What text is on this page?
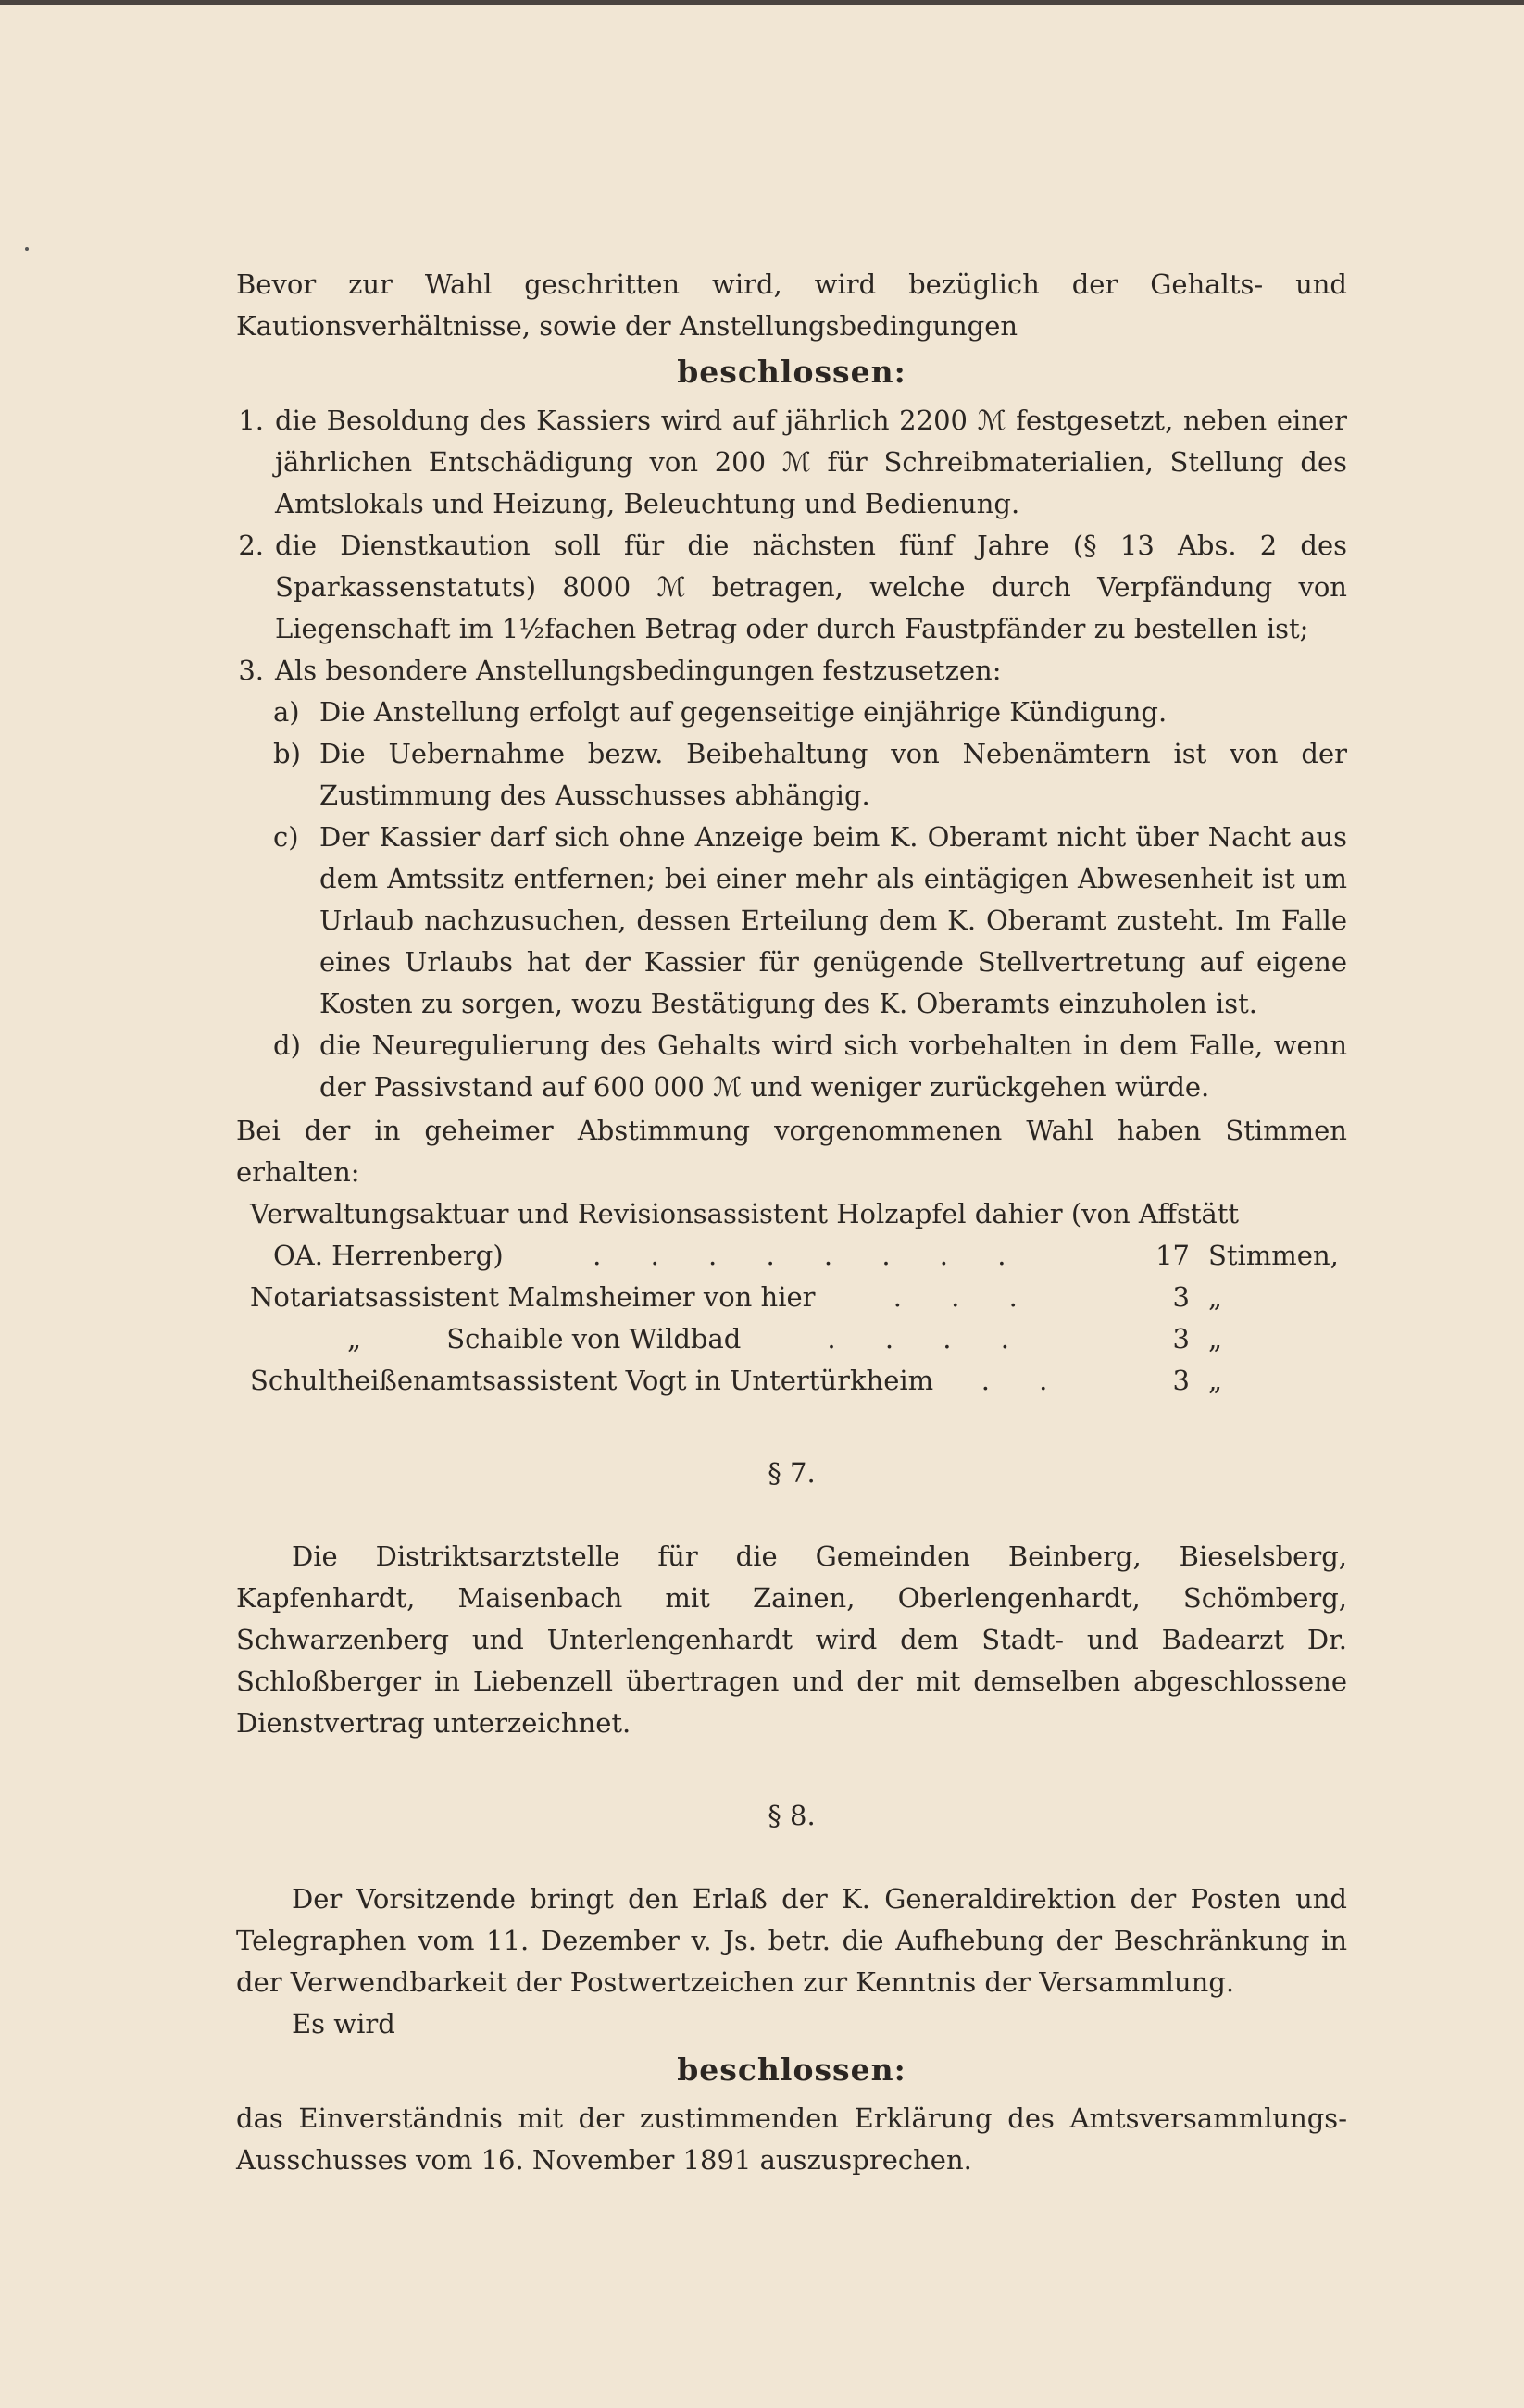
Bevor zur Wahl geschritten wird, wird bezüglich der Gehalts- und Kautionsverhältnisse, sowie der Anstellungsbedingungen

beschlossen:
1. die Besoldung des Kassiers wird auf jährlich 2200 ℳ festgesetzt, neben einer jährlichen Entschädigung von 200 ℳ für Schreibmaterialien, Stellung des Amtslokals und Heizung, Beleuchtung und Bedienung.
2. die Dienstkaution soll für die nächsten fünf Jahre (§ 13 Abs. 2 des Sparkassenstatuts) 8000 ℳ betragen, welche durch Verpfändung von Liegenschaft im 1½fachen Betrag oder durch Faustpfänder zu bestellen ist;
3. Als besondere Anstellungsbedingungen festzusetzen:
a) Die Anstellung erfolgt auf gegenseitige einjährige Kündigung.
b) Die Uebernahme bezw. Beibehaltung von Nebenämtern ist von der Zustimmung des Ausschusses abhängig.
c) Der Kassier darf sich ohne Anzeige beim K. Oberamt nicht über Nacht aus dem Amtssitz entfernen; bei einer mehr als eintägigen Abwesenheit ist um Urlaub nachzusuchen, dessen Erteilung dem K. Oberamt zusteht. Im Falle eines Urlaubs hat der Kassier für genügende Stellvertretung auf eigene Kosten zu sorgen, wozu Bestätigung des K. Oberamts einzuholen ist.
d) die Neuregulierung des Gehalts wird sich vorbehalten in dem Falle, wenn der Passivstand auf 600 000 ℳ und weniger zurückgehen würde.

Bei der in geheimer Abstimmung vorgenommenen Wahl haben Stimmen erhalten:

Verwaltungsaktuar und Revisionsassistent Holzapfel dahier (von Affstätt
OA. Herrenberg)	. . . . . . . .	17 Stimmen,
Notariatsassistent Malmsheimer von hier	. . .	3 „
„          Schaible von Wildbad	. . . .	3 „
Schultheißenamtsassistent Vogt in Untertürkheim	. .	3 „
§ 7.

Die Distriktsarztstelle für die Gemeinden Beinberg, Bieselsberg, Kapfenhardt, Maisenbach mit Zainen, Oberlengenhardt, Schömberg, Schwarzenberg und Unterlengenhardt wird dem Stadt- und Badearzt Dr. Schloßberger in Liebenzell übertragen und der mit demselben abgeschlossene Dienstvertrag unterzeichnet.

§ 8.

Der Vorsitzende bringt den Erlaß der K. Generaldirektion der Posten und Telegraphen vom 11. Dezember v. Js. betr. die Aufhebung der Beschränkung in der Verwendbarkeit der Postwertzeichen zur Kenntnis der Versammlung.

Es wird

beschlossen:

das Einverständnis mit der zustimmenden Erklärung des Amtsversammlungs-Ausschusses vom 16. November 1891 auszusprechen.
